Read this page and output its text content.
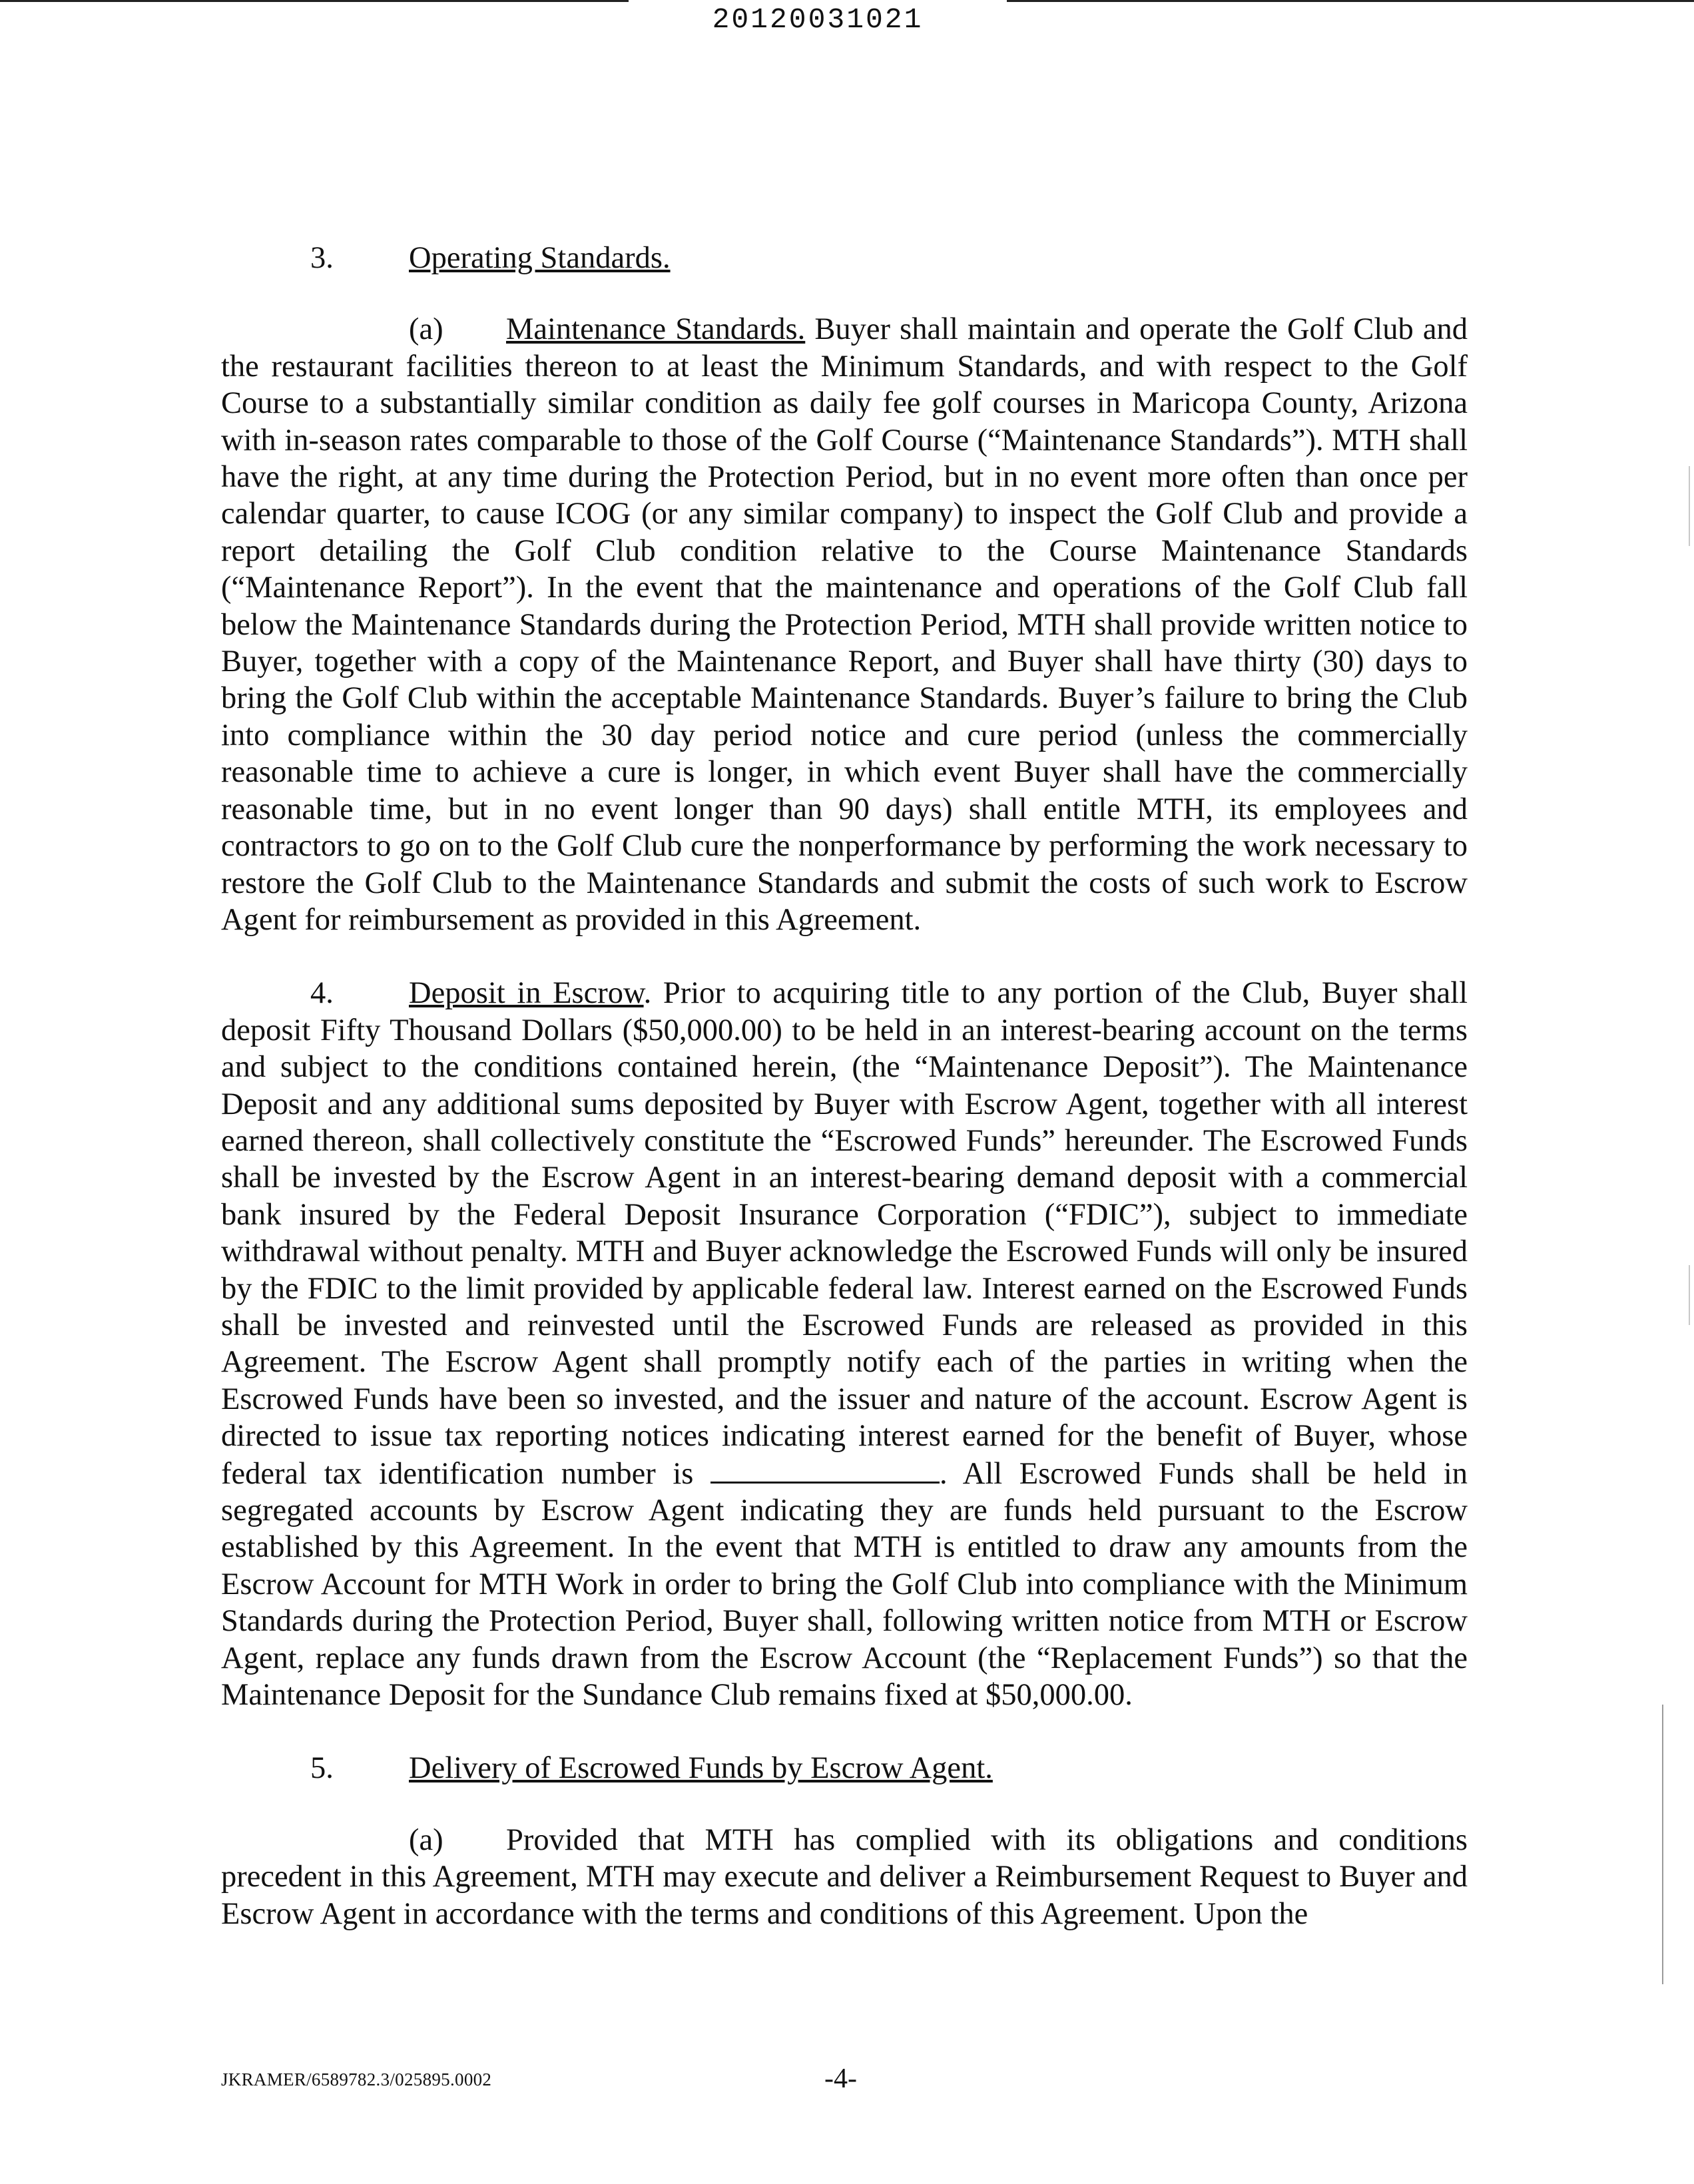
20120031021

3. Operating Standards.

(a) Maintenance Standards. Buyer shall maintain and operate the Golf Club and the restaurant facilities thereon to at least the Minimum Standards, and with respect to the Golf Course to a substantially similar condition as daily fee golf courses in Maricopa County, Arizona with in-season rates comparable to those of the Golf Course (“Maintenance Standards”). MTH shall have the right, at any time during the Protection Period, but in no event more often than once per calendar quarter, to cause ICOG (or any similar company) to inspect the Golf Club and provide a report detailing the Golf Club condition relative to the Course Maintenance Standards (“Maintenance Report”). In the event that the maintenance and operations of the Golf Club fall below the Maintenance Standards during the Protection Period, MTH shall provide written notice to Buyer, together with a copy of the Maintenance Report, and Buyer shall have thirty (30) days to bring the Golf Club within the acceptable Maintenance Standards. Buyer’s failure to bring the Club into compliance within the 30 day period notice and cure period (unless the commercially reasonable time to achieve a cure is longer, in which event Buyer shall have the commercially reasonable time, but in no event longer than 90 days) shall entitle MTH, its employees and contractors to go on to the Golf Club cure the nonperformance by performing the work necessary to restore the Golf Club to the Maintenance Standards and submit the costs of such work to Escrow Agent for reimbursement as provided in this Agreement.

4. Deposit in Escrow. Prior to acquiring title to any portion of the Club, Buyer shall deposit Fifty Thousand Dollars ($50,000.00) to be held in an interest-bearing account on the terms and subject to the conditions contained herein, (the “Maintenance Deposit”). The Maintenance Deposit and any additional sums deposited by Buyer with Escrow Agent, together with all interest earned thereon, shall collectively constitute the “Escrowed Funds” hereunder. The Escrowed Funds shall be invested by the Escrow Agent in an interest-bearing demand deposit with a commercial bank insured by the Federal Deposit Insurance Corporation (“FDIC”), subject to immediate withdrawal without penalty. MTH and Buyer acknowledge the Escrowed Funds will only be insured by the FDIC to the limit provided by applicable federal law. Interest earned on the Escrowed Funds shall be invested and reinvested until the Escrowed Funds are released as provided in this Agreement. The Escrow Agent shall promptly notify each of the parties in writing when the Escrowed Funds have been so invested, and the issuer and nature of the account. Escrow Agent is directed to issue tax reporting notices indicating interest earned for the benefit of Buyer, whose federal tax identification number is	. All Escrowed Funds shall be held in segregated accounts by Escrow Agent indicating they are funds held pursuant to the Escrow established by this Agreement. In the event that MTH is entitled to draw any amounts from the Escrow Account for MTH Work in order to bring the Golf Club into compliance with the Minimum Standards during the Protection Period, Buyer shall, following written notice from MTH or Escrow Agent, replace any funds drawn from the Escrow Account (the “Replacement Funds”) so that the Maintenance Deposit for the Sundance Club remains fixed at $50,000.00.

5. Delivery of Escrowed Funds by Escrow Agent.

(a) Provided that MTH has complied with its obligations and conditions precedent in this Agreement, MTH may execute and deliver a Reimbursement Request to Buyer and Escrow Agent in accordance with the terms and conditions of this Agreement. Upon the

JKRAMER/6589782.3/025895.0002	-4-
